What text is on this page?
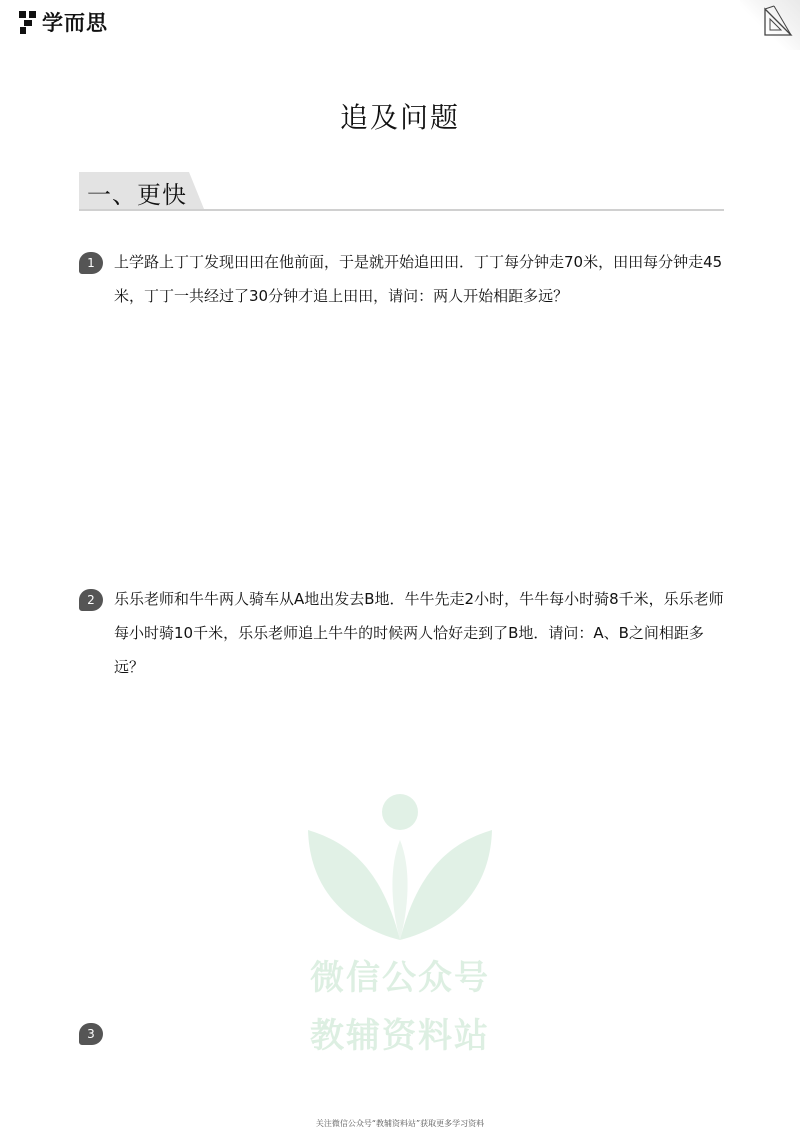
学而思
追及问题
一、更快
1	上学路上丁丁发现田田在他前面，于是就开始追田田．丁丁每分钟走70米，田田每分钟走45米，丁丁一共经过了30分钟才追上田田，请问：两人开始相距多远？
2	乐乐老师和牛牛两人骑车从A地出发去B地．牛牛先走2小时，牛牛每小时骑8千米，乐乐老师每小时骑10千米，乐乐老师追上牛牛的时候两人恰好走到了B地．请问：A、B之间相距多远？
微信公众号
教辅资料站
3
关注微信公众号“教辅资料站”获取更多学习资料
